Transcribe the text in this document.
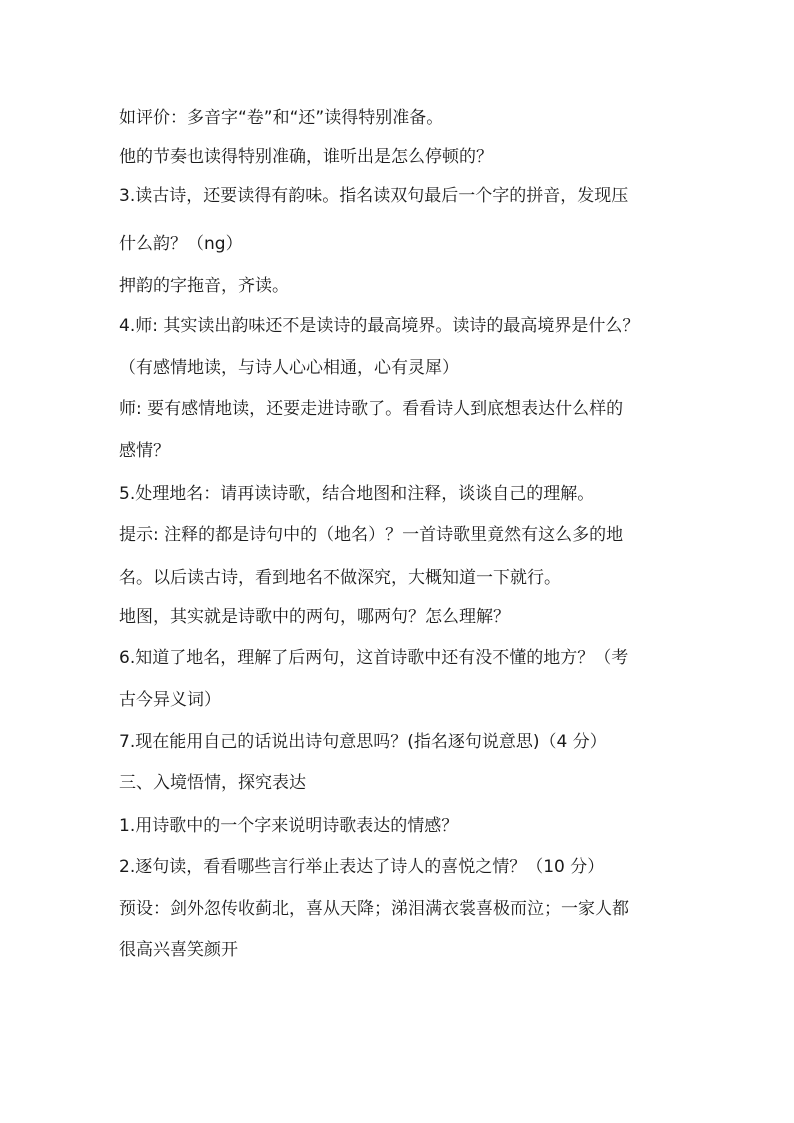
如评价：多音字“卷”和“还”读得特别准备。
他的节奏也读得特别准确，谁听出是怎么停顿的？
3.读古诗，还要读得有韵味。指名读双句最后一个字的拼音，发现压
什么韵？（ng）
押韵的字拖音，齐读。
4.师: 其实读出韵味还不是读诗的最高境界。读诗的最高境界是什么？
（有感情地读，与诗人心心相通，心有灵犀）
师: 要有感情地读，还要走进诗歌了。看看诗人到底想表达什么样的
感情？
5.处理地名：请再读诗歌，结合地图和注释，谈谈自己的理解。
提示: 注释的都是诗句中的（地名）？一首诗歌里竟然有这么多的地
名。以后读古诗，看到地名不做深究，大概知道一下就行。
地图，其实就是诗歌中的两句，哪两句？怎么理解？
6.知道了地名，理解了后两句，这首诗歌中还有没不懂的地方？（考
古今异义词）
7.现在能用自己的话说出诗句意思吗？(指名逐句说意思)（4 分）
三、入境悟情，探究表达
1.用诗歌中的一个字来说明诗歌表达的情感？
2.逐句读，看看哪些言行举止表达了诗人的喜悦之情？（10 分）
预设：剑外忽传收蓟北，喜从天降；涕泪满衣裳喜极而泣；一家人都
很高兴喜笑颜开
